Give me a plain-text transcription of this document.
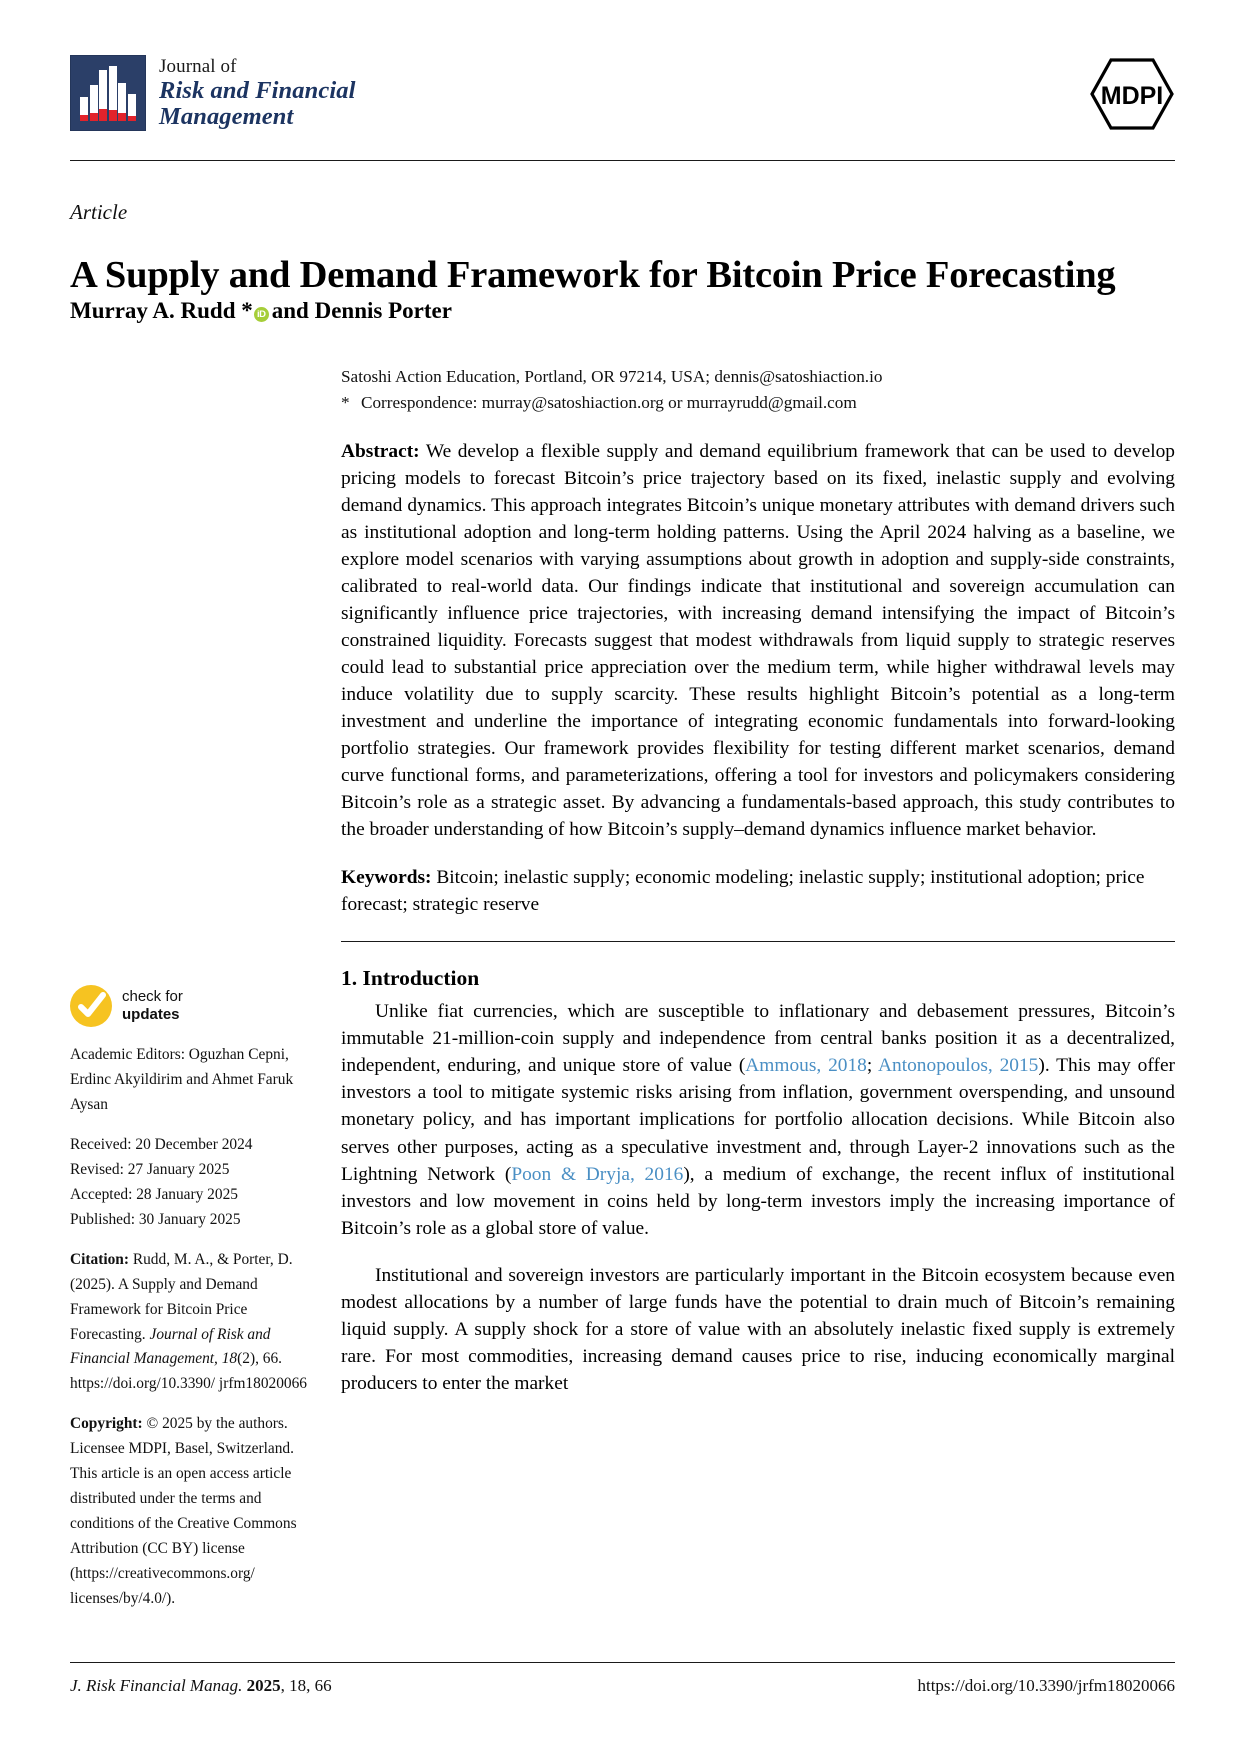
Journal of
Risk and Financial
Management
MDPI
Article
A Supply and Demand Framework for Bitcoin Price Forecasting
Murray A. Rudd * iD and Dennis Porter
Satoshi Action Education, Portland, OR 97214, USA; dennis@satoshiaction.io
* Correspondence: murray@satoshiaction.org or murrayrudd@gmail.com
Abstract: We develop a flexible supply and demand equilibrium framework that can be used to develop pricing models to forecast Bitcoin’s price trajectory based on its fixed, inelastic supply and evolving demand dynamics. This approach integrates Bitcoin’s unique monetary attributes with demand drivers such as institutional adoption and long-term holding patterns. Using the April 2024 halving as a baseline, we explore model scenarios with varying assumptions about growth in adoption and supply-side constraints, calibrated to real-world data. Our findings indicate that institutional and sovereign accumulation can significantly influence price trajectories, with increasing demand intensifying the impact of Bitcoin’s constrained liquidity. Forecasts suggest that modest withdrawals from liquid supply to strategic reserves could lead to substantial price appreciation over the medium term, while higher withdrawal levels may induce volatility due to supply scarcity. These results highlight Bitcoin’s potential as a long-term investment and underline the importance of integrating economic fundamentals into forward-looking portfolio strategies. Our framework provides flexibility for testing different market scenarios, demand curve functional forms, and parameterizations, offering a tool for investors and policymakers considering Bitcoin’s role as a strategic asset. By advancing a fundamentals-based approach, this study contributes to the broader understanding of how Bitcoin’s supply–demand dynamics influence market behavior.
Keywords: Bitcoin; inelastic supply; economic modeling; inelastic supply; institutional adoption; price forecast; strategic reserve
1. Introduction

Unlike fiat currencies, which are susceptible to inflationary and debasement pressures, Bitcoin’s immutable 21-million-coin supply and independence from central banks position it as a decentralized, independent, enduring, and unique store of value (Ammous, 2018; Antonopoulos, 2015). This may offer investors a tool to mitigate systemic risks arising from inflation, government overspending, and unsound monetary policy, and has important implications for portfolio allocation decisions. While Bitcoin also serves other purposes, acting as a speculative investment and, through Layer-2 innovations such as the Lightning Network (Poon & Dryja, 2016), a medium of exchange, the recent influx of institutional investors and low movement in coins held by long-term investors imply the increasing importance of Bitcoin’s role as a global store of value.

Institutional and sovereign investors are particularly important in the Bitcoin ecosystem because even modest allocations by a number of large funds have the potential to drain much of Bitcoin’s remaining liquid supply. A supply shock for a store of value with an absolutely inelastic fixed supply is extremely rare. For most commodities, increasing demand causes price to rise, inducing economically marginal producers to enter the market

check for
updates
Academic Editors: Oguzhan Cepni, Erdinc Akyildirim and Ahmet Faruk Aysan
Received: 20 December 2024
Revised: 27 January 2025
Accepted: 28 January 2025
Published: 30 January 2025
Citation: Rudd, M. A., & Porter, D. (2025). A Supply and Demand Framework for Bitcoin Price Forecasting. Journal of Risk and Financial Management, 18(2), 66. https://doi.org/10.3390/ jrfm18020066
Copyright: © 2025 by the authors. Licensee MDPI, Basel, Switzerland. This article is an open access article distributed under the terms and conditions of the Creative Commons Attribution (CC BY) license (https://creativecommons.org/ licenses/by/4.0/).
J. Risk Financial Manag. 2025, 18, 66	https://doi.org/10.3390/jrfm18020066
